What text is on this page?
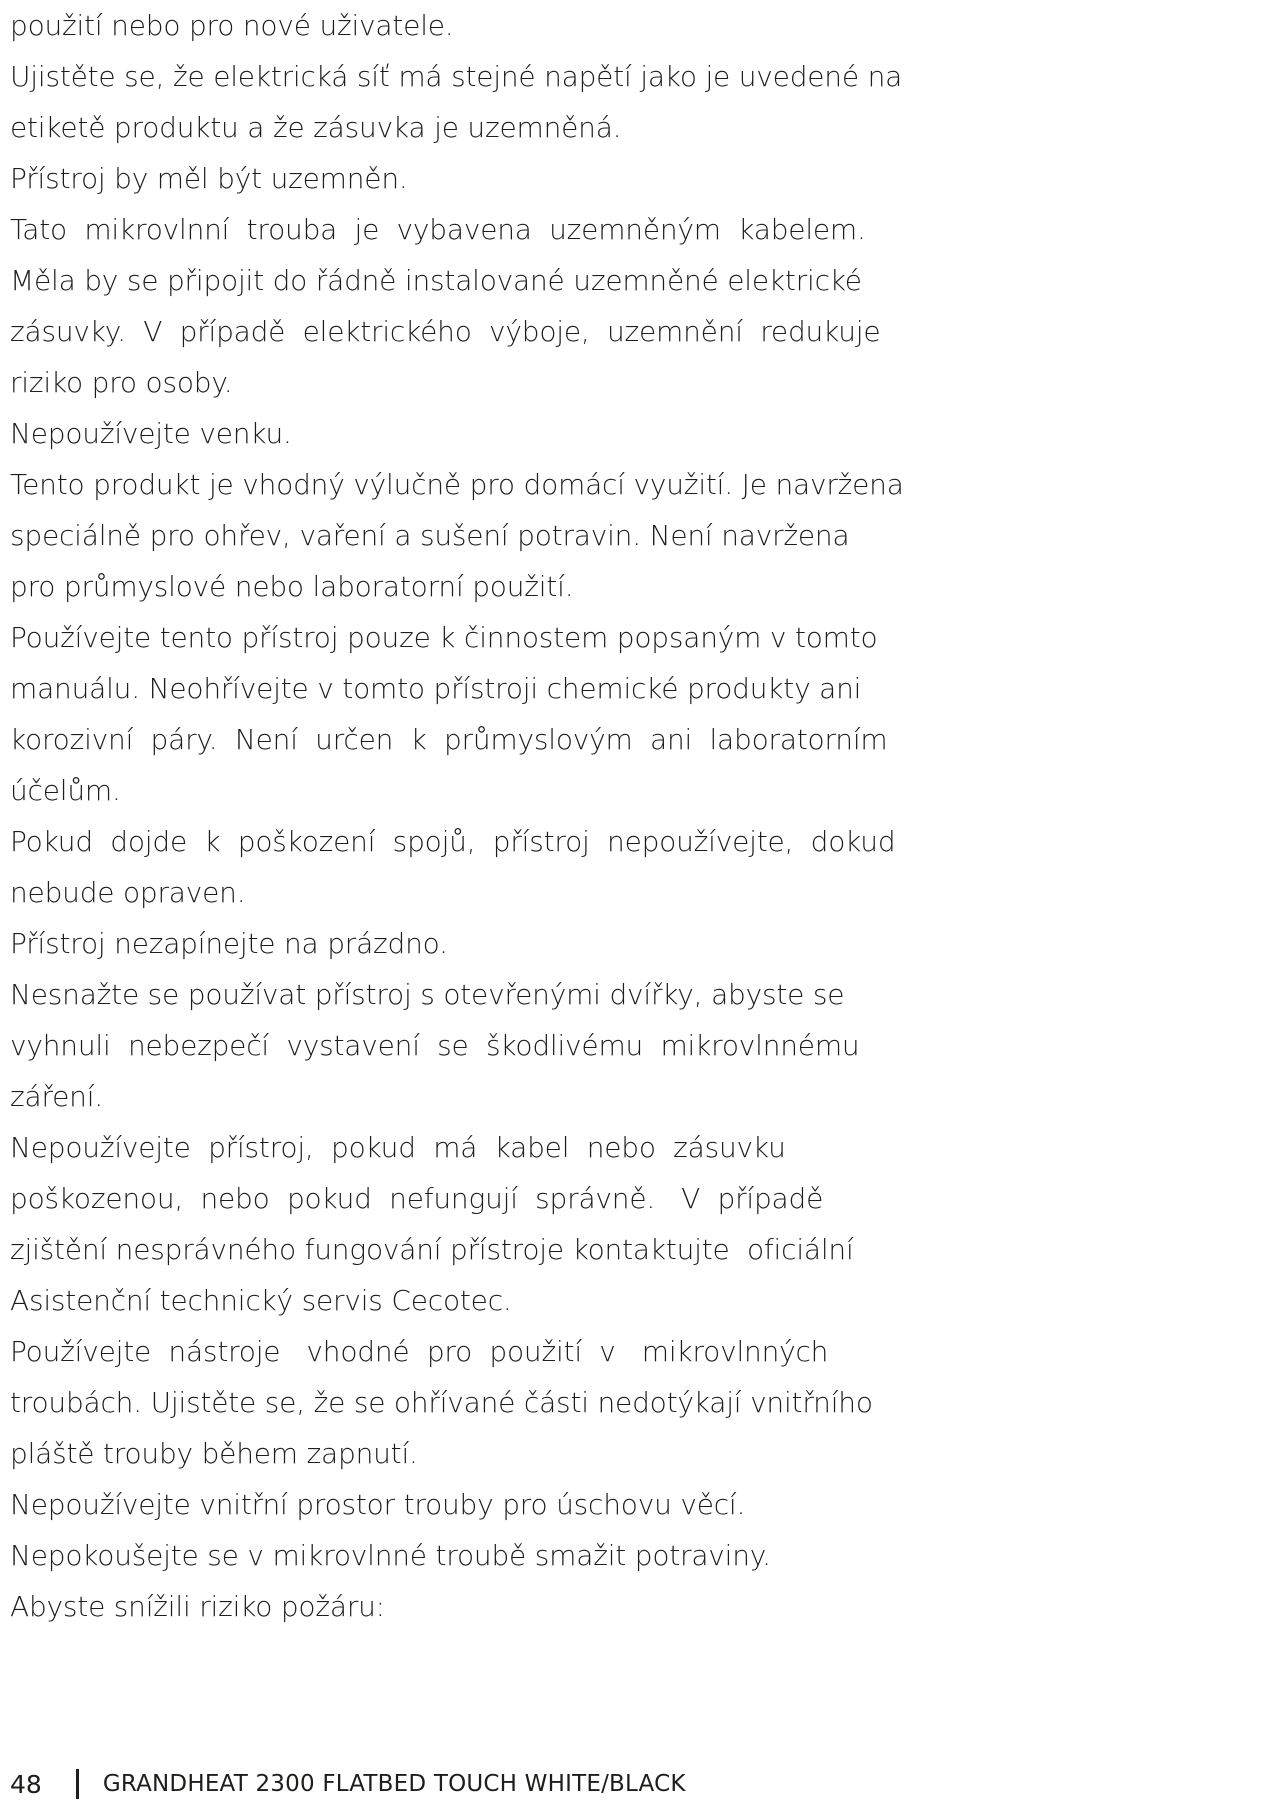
použití nebo pro nové uživatele.
Ujistěte se, že elektrická síť má stejné napětí jako je uvedené na
etiketě produktu a že zásuvka je uzemněná.
Přístroj by měl být uzemněn.
Tato  mikrovlnní  trouba  je  vybavena  uzemněným  kabelem.
Měla by se připojit do řádně instalované uzemněné elektrické
zásuvky.  V  případě  elektrického  výboje,  uzemnění  redukuje
riziko pro osoby.
Nepoužívejte venku.
Tento produkt je vhodný výlučně pro domácí využití. Je navržena
speciálně pro ohřev, vaření a sušení potravin. Není navržena
pro průmyslové nebo laboratorní použití.
Používejte tento přístroj pouze k činnostem popsaným v tomto
manuálu. Neohřívejte v tomto přístroji chemické produkty ani
korozivní  páry.  Není  určen  k  průmyslovým  ani  laboratorním
účelům.
Pokud  dojde  k  poškození  spojů,  přístroj  nepoužívejte,  dokud
nebude opraven.
Přístroj nezapínejte na prázdno.
Nesnažte se používat přístroj s otevřenými dvířky, abyste se
vyhnuli  nebezpečí  vystavení  se  škodlivému  mikrovlnnému
záření.
Nepoužívejte  přístroj,  pokud  má  kabel  nebo  zásuvku
poškozenou,  nebo  pokud  nefungují  správně.   V  případě
zjištění nesprávného fungování přístroje kontaktujte  oficiální
Asistenční technický servis Cecotec.
Používejte  nástroje   vhodné  pro  použití  v   mikrovlnných
troubách. Ujistěte se, že se ohřívané části nedotýkají vnitřního
pláště trouby během zapnutí.
Nepoužívejte vnitřní prostor trouby pro úschovu věcí.
Nepokoušejte se v mikrovlnné troubě smažit potraviny.
Abyste snížili riziko požáru:
48	GRANDHEAT 2300 FLATBED TOUCH WHITE/BLACK
